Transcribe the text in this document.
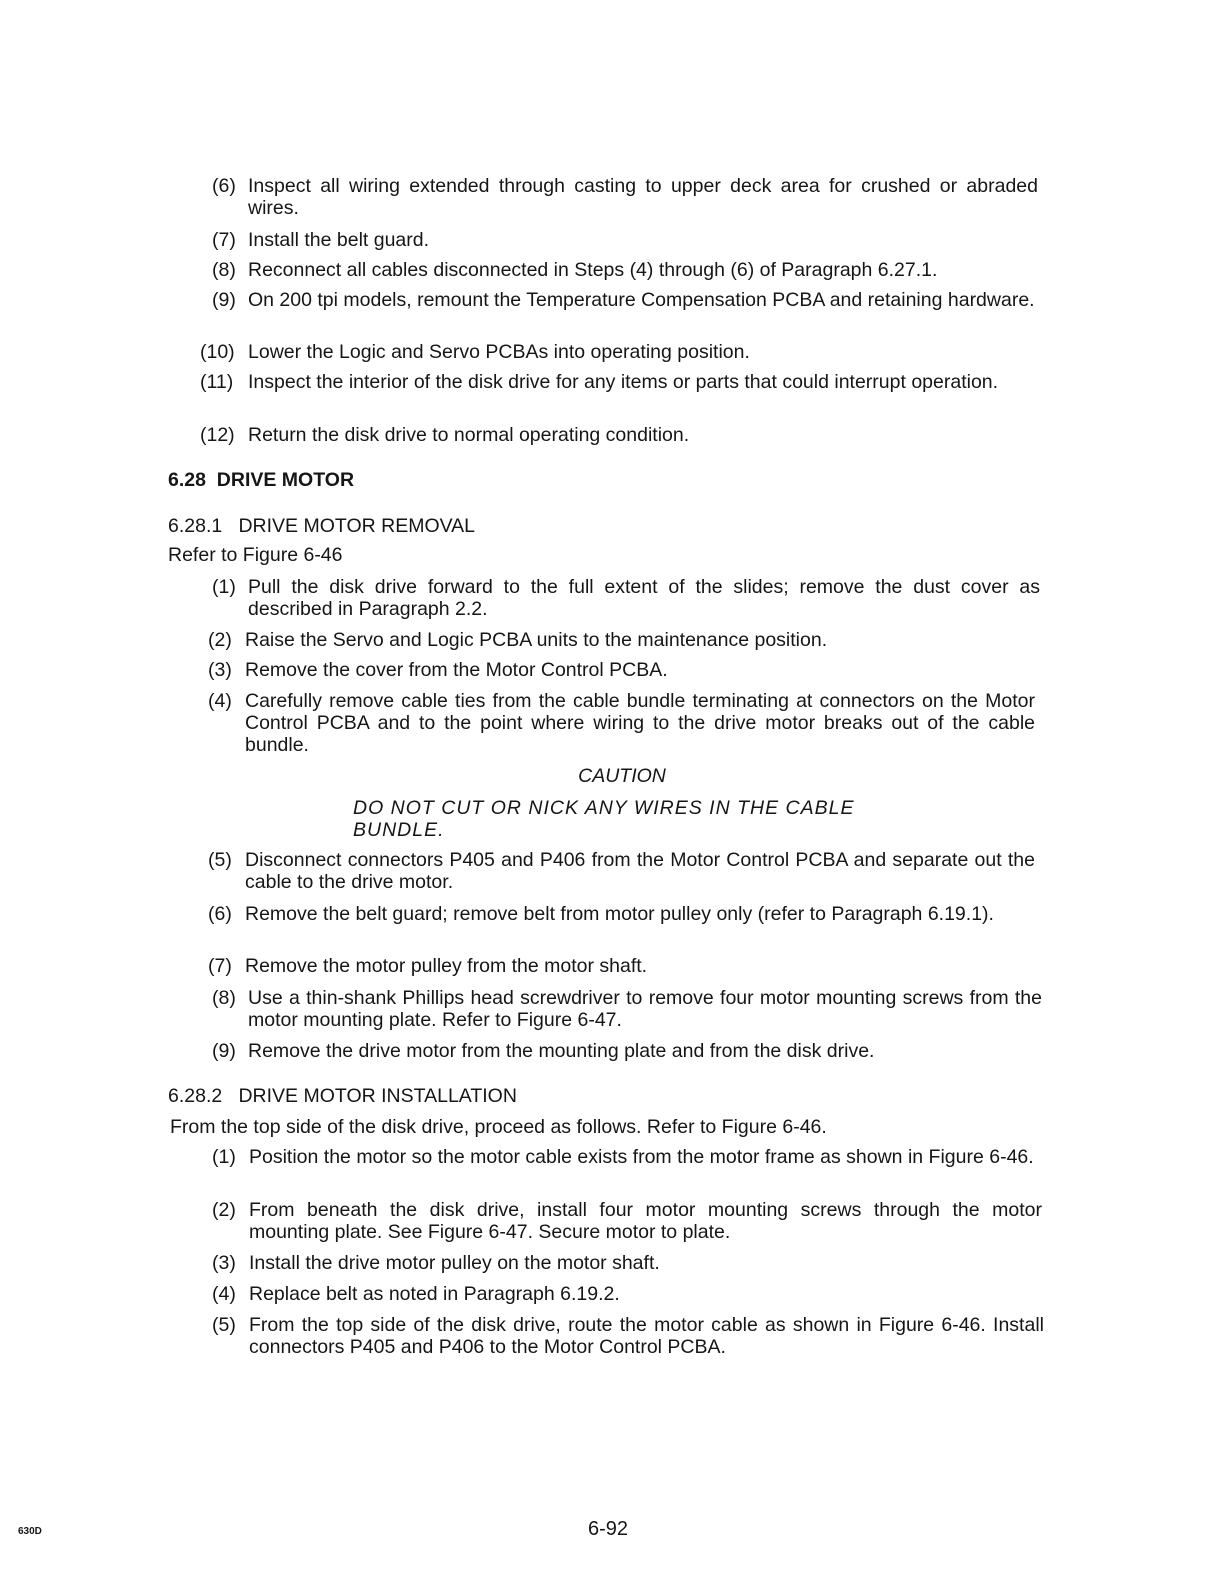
(6) Inspect all wiring extended through casting to upper deck area for crushed or abraded wires.
(7) Install the belt guard.
(8) Reconnect all cables disconnected in Steps (4) through (6) of Paragraph 6.27.1.
(9) On 200 tpi models, remount the Temperature Compensation PCBA and retaining hardware.
(10) Lower the Logic and Servo PCBAs into operating position.
(11) Inspect the interior of the disk drive for any items or parts that could interrupt operation.
(12) Return the disk drive to normal operating condition.
6.28 DRIVE MOTOR
6.28.1   DRIVE MOTOR REMOVAL
Refer to Figure 6-46
(1) Pull the disk drive forward to the full extent of the slides; remove the dust cover as described in Paragraph 2.2.
(2) Raise the Servo and Logic PCBA units to the maintenance position.
(3) Remove the cover from the Motor Control PCBA.
(4) Carefully remove cable ties from the cable bundle terminating at connectors on the Motor Control PCBA and to the point where wiring to the drive motor breaks out of the cable bundle.
CAUTION
DO NOT CUT OR NICK ANY WIRES IN THE CABLE BUNDLE.
(5) Disconnect connectors P405 and P406 from the Motor Control PCBA and separate out the cable to the drive motor.
(6) Remove the belt guard; remove belt from motor pulley only (refer to Paragraph 6.19.1).
(7) Remove the motor pulley from the motor shaft.
(8) Use a thin-shank Phillips head screwdriver to remove four motor mounting screws from the motor mounting plate. Refer to Figure 6-47.
(9) Remove the drive motor from the mounting plate and from the disk drive.
6.28.2   DRIVE MOTOR INSTALLATION
From the top side of the disk drive, proceed as follows. Refer to Figure 6-46.
(1) Position the motor so the motor cable exists from the motor frame as shown in Figure 6-46.
(2) From beneath the disk drive, install four motor mounting screws through the motor mounting plate. See Figure 6-47. Secure motor to plate.
(3) Install the drive motor pulley on the motor shaft.
(4) Replace belt as noted in Paragraph 6.19.2.
(5) From the top side of the disk drive, route the motor cable as shown in Figure 6-46. Install connectors P405 and P406 to the Motor Control PCBA.
630D	6-92
